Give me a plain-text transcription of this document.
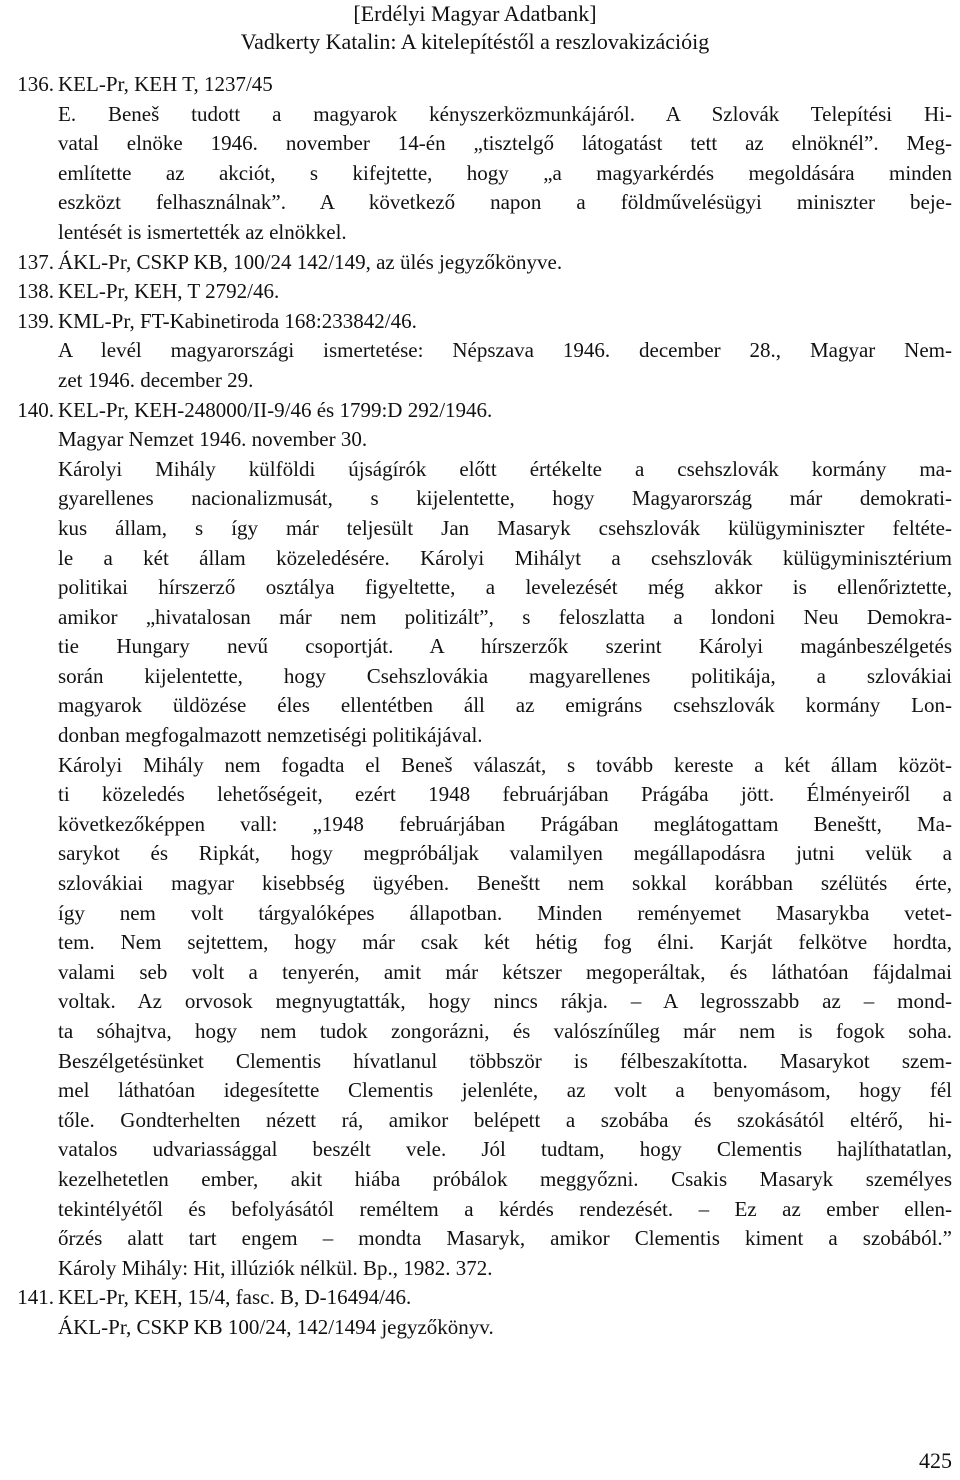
[Erdélyi Magyar Adatbank]
Vadkerty Katalin: A kitelepítéstől a reszlovakizációig
136. KEL-Pr, KEH T, 1237/45
E. Beneš tudott a magyarok kényszerközmunkájáról. A Szlovák Telepítési Hi-
vatal elnöke 1946. november 14-én „tisztelgő látogatást tett az elnöknél”. Meg-
említette az akciót, s kifejtette, hogy „a magyarkérdés megoldására minden
eszközt felhasználnak”. A következő napon a földművelésügyi miniszter beje-
lentését is ismertették az elnökkel.
137. ÁKL-Pr, CSKP KB, 100/24 142/149, az ülés jegyzőkönyve.
138. KEL-Pr, KEH, T 2792/46.
139. KML-Pr, FT-Kabinetiroda 168:233842/46.
A levél magyarországi ismertetése: Népszava 1946. december 28., Magyar Nem-
zet 1946. december 29.
140. KEL-Pr, KEH-248000/II-9/46 és 1799:D 292/1946.
Magyar Nemzet 1946. november 30.
Károlyi Mihály külföldi újságírók előtt értékelte a csehszlovák kormány ma-
gyarellenes nacionalizmusát, s kijelentette, hogy Magyarország már demokrati-
kus állam, s így már teljesült Jan Masaryk csehszlovák külügyminiszter feltéte-
le a két állam közeledésére. Károlyi Mihályt a csehszlovák külügyminisztérium
politikai hírszerző osztálya figyeltette, a levelezését még akkor is ellenőriztette,
amikor „hivatalosan már nem politizált”, s feloszlatta a londoni Neu Demokra-
tie Hungary nevű csoportját. A hírszerzők szerint Károlyi magánbeszélgetés
során kijelentette, hogy Csehszlovákia magyarellenes politikája, a szlovákiai
magyarok üldözése éles ellentétben áll az emigráns csehszlovák kormány Lon-
donban megfogalmazott nemzetiségi politikájával.
Károlyi Mihály nem fogadta el Beneš válaszát, s tovább kereste a két állam közöt-
ti közeledés lehetőségeit, ezért 1948 februárjában Prágába jött. Élményeiről a
következőképpen vall: „1948 februárjában Prágában meglátogattam Beneštt, Ma-
sarykot és Ripkát, hogy megpróbáljak valamilyen megállapodásra jutni velük a
szlovákiai magyar kisebbség ügyében. Beneštt nem sokkal korábban szélütés érte,
így nem volt tárgyalóképes állapotban. Minden reményemet Masarykba vetet-
tem. Nem sejtettem, hogy már csak két hétig fog élni. Karját felkötve hordta,
valami seb volt a tenyerén, amit már kétszer megoperáltak, és láthatóan fájdalmai
voltak. Az orvosok megnyugtatták, hogy nincs rákja. – A legrosszabb az – mond-
ta sóhajtva, hogy nem tudok zongorázni, és valószínűleg már nem is fogok soha.
Beszélgetésünket Clementis hívatlanul többször is félbeszakította. Masarykot szem-
mel láthatóan idegesítette Clementis jelenléte, az volt a benyomásom, hogy fél
tőle. Gondterhelten nézett rá, amikor belépett a szobába és szokásától eltérő, hi-
vatalos udvariassággal beszélt vele. Jól tudtam, hogy Clementis hajlíthatatlan,
kezelhetetlen ember, akit hiába próbálok meggyőzni. Csakis Masaryk személyes
tekintélyétől és befolyásától reméltem a kérdés rendezését. – Ez az ember ellen-
őrzés alatt tart engem – mondta Masaryk, amikor Clementis kiment a szobából.”
Károly Mihály: Hit, illúziók nélkül. Bp., 1982. 372.
141. KEL-Pr, KEH, 15/4, fasc. B, D-16494/46.
ÁKL-Pr, CSKP KB 100/24, 142/1494 jegyzőkönyv.
425
